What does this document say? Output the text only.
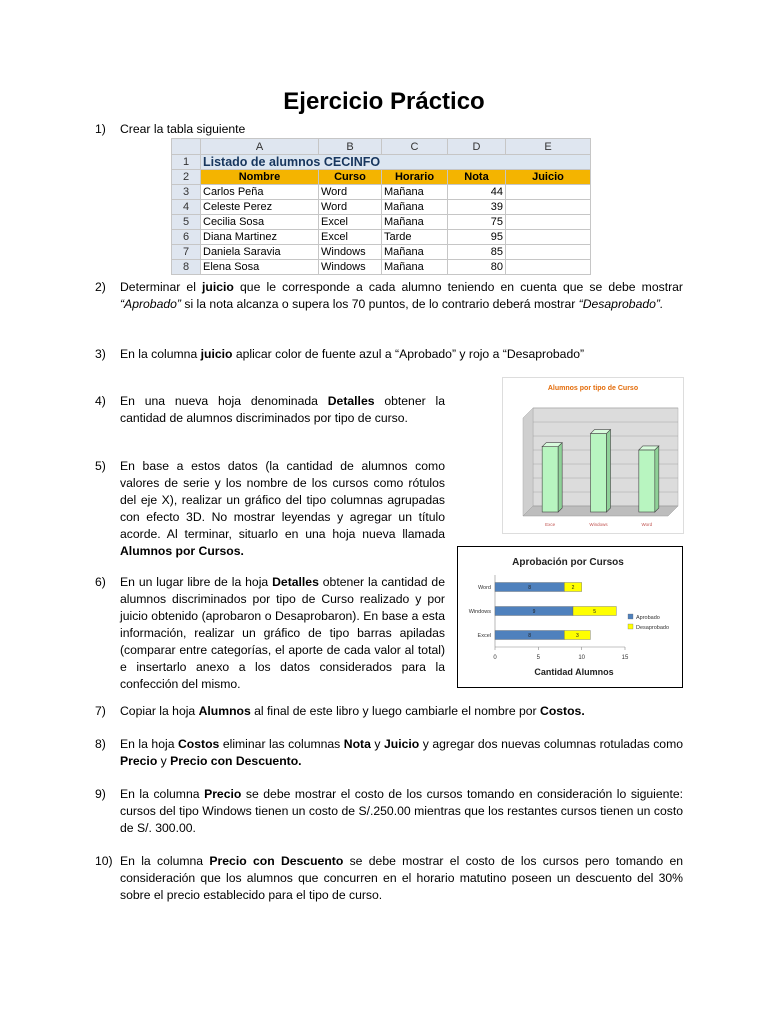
Ejercicio Práctico
1) Crear la tabla siguiente
	A	B	C	D	E
1	Listado de alumnos CECINFO				
2	Nombre	Curso	Horario	Nota	Juicio
3	Carlos Peña	Word	Mañana	44	
4	Celeste Perez	Word	Mañana	39	
5	Cecilia Sosa	Excel	Mañana	75	
6	Diana Martinez	Excel	Tarde	95	
7	Daniela Saravia	Windows	Mañana	85	
8	Elena Sosa	Windows	Mañana	80	
2) Determinar el juicio que le corresponde a cada alumno teniendo en cuenta que se debe mostrar “Aprobado” si la nota alcanza o supera los 70 puntos, de lo contrario deberá mostrar “Desaprobado”.
3) En la columna juicio aplicar color de fuente azul a “Aprobado” y rojo a “Desaprobado”
4) En una nueva hoja denominada Detalles obtener la cantidad de alumnos discriminados por tipo de curso.
5) En base a estos datos (la cantidad de alumnos como valores de serie y los nombre de los cursos como rótulos del eje X), realizar un gráfico del tipo columnas agrupadas con efecto 3D. No mostrar leyendas y agregar un título acorde. Al terminar, situarlo en una hoja nueva llamada Alumnos por Cursos.
6) En un lugar libre de la hoja Detalles obtener la cantidad de alumnos discriminados por tipo de Curso realizado y por juicio obtenido (aprobaron o Desaprobaron). En base a esta información, realizar un gráfico de tipo barras apiladas (comparar entre categorías, el aporte de cada valor al total) e insertarlo anexo a los datos considerados para la confección del mismo.
7) Copiar la hoja Alumnos al final de este libro y luego cambiarle el nombre por Costos.
8) En la hoja Costos eliminar las columnas Nota y Juicio y agregar dos nuevas columnas rotuladas como Precio y Precio con Descuento.
9) En la columna Precio se debe mostrar el costo de los cursos tomando en consideración lo siguiente: cursos del tipo Windows tienen un costo de S/.250.00 mientras que los restantes cursos tienen un costo de S/. 300.00.
10) En la columna Precio con Descuento se debe mostrar el costo de los cursos pero tomando en consideración que los alumnos que concurren en el horario matutino poseen un descuento del 30% sobre el precio establecido para el tipo de curso.
Alumnos por tipo de Curso
Exce	Windows	Word
Aprobación por Cursos
0	5	10	15
Word	8	2
Windows	9	5
Excel	8	3
Aprobado
Desaprobado
Cantidad Alumnos
